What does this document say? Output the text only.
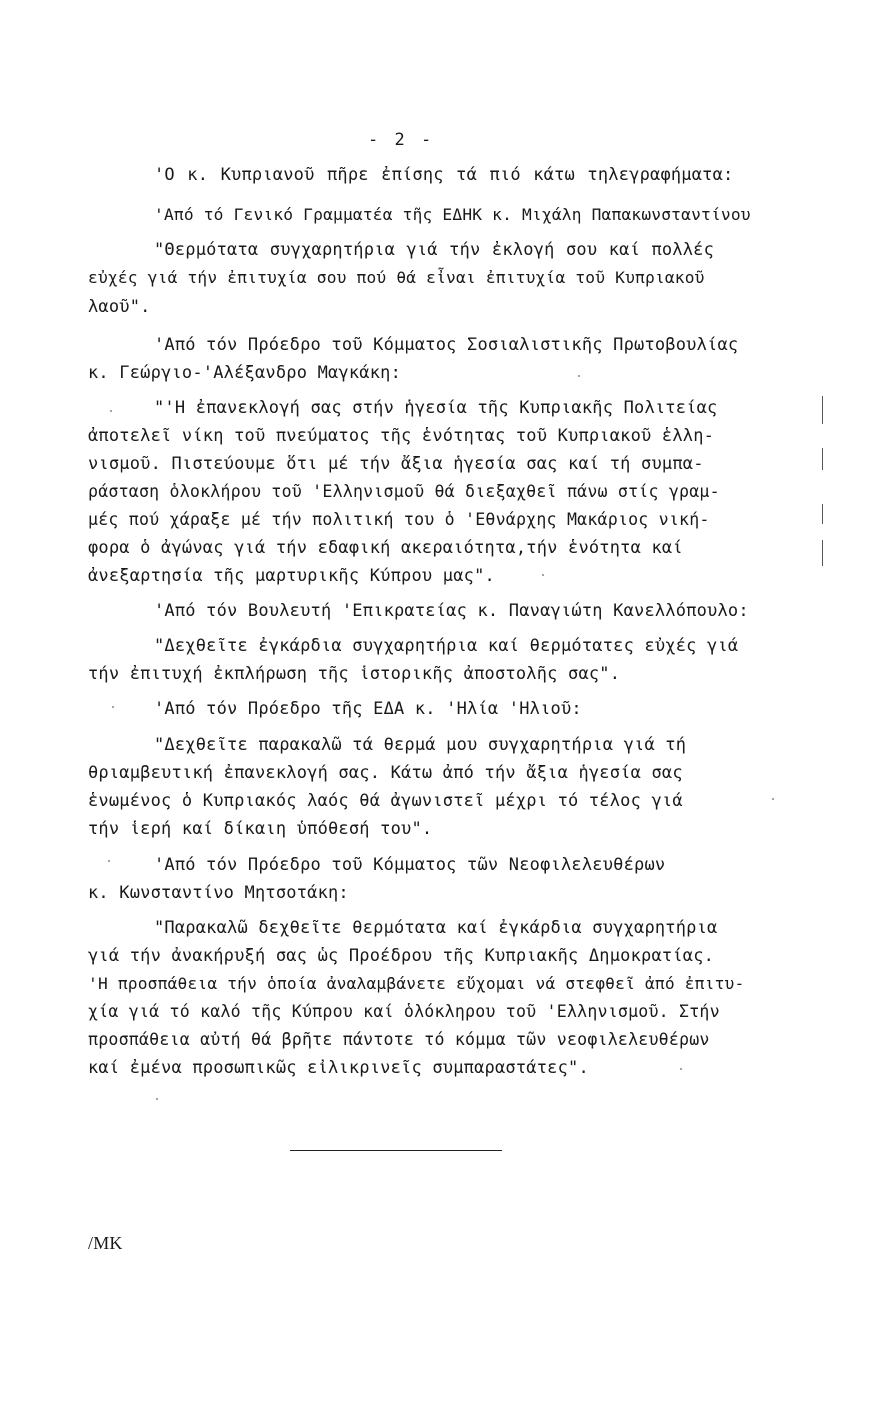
- 2 -
'Ο κ. Κυπριανοῦ πῆρε ἐπίσης τά πιό κάτω τηλεγραφήματα:
'Από τό Γενικό Γραμματέα τῆς ΕΔΗΚ κ. Μιχάλη Παπακωνσταντίνου
"Θερμότατα συγχαρητήρια γιά τήν ἐκλογή σου καί πολλές
εὐχές γιά τήν ἐπιτυχία σου πού θά εἶναι ἐπιτυχία τοῦ Κυπριακοῦ
λαοῦ".
'Από τόν Πρόεδρο τοῦ Κόμματος Σοσιαλιστικῆς Πρωτοβουλίας
κ. Γεώργιο-'Αλέξανδρο Μαγκάκη:
"'Η ἐπανεκλογή σας στήν ἡγεσία τῆς Κυπριακῆς Πολιτείας
ἀποτελεῖ νίκη τοῦ πνεύματος τῆς ἑνότητας τοῦ Κυπριακοῦ ἑλλη-
νισμοῦ. Πιστεύουμε ὅτι μέ τήν ἄξια ἡγεσία σας καί τή συμπα-
ράσταση ὁλοκλήρου τοῦ 'Ελληνισμοῦ θά διεξαχθεῖ πάνω στίς γραμ-
μές πού χάραξε μέ τήν πολιτική του ὁ 'Εθνάρχης Μακάριος νική-
φορα ὁ ἀγώνας γιά τήν εδαφική ακεραιότητα,τήν ἑνότητα καί
ἀνεξαρτησία τῆς μαρτυρικῆς Κύπρου μας".
'Από τόν Βουλευτή 'Επικρατείας κ. Παναγιώτη Κανελλόπουλο:
"Δεχθεῖτε ἐγκάρδια συγχαρητήρια καί θερμότατες εὐχές γιά
τήν ἐπιτυχή ἐκπλήρωση τῆς ἱστορικῆς ἀποστολῆς σας".
'Από τόν Πρόεδρο τῆς ΕΔΑ κ. 'Ηλία 'Ηλιοῦ:
"Δεχθεῖτε παρακαλῶ τά θερμά μου συγχαρητήρια γιά τή
θριαμβευτική ἐπανεκλογή σας. Κάτω ἀπό τήν ἄξια ἡγεσία σας
ἑνωμένος ὁ Κυπριακός λαός θά ἀγωνιστεῖ μέχρι τό τέλος γιά
τήν ἱερή καί δίκαιη ὑπόθεσή του".
'Από τόν Πρόεδρο τοῦ Κόμματος τῶν Νεοφιλελευθέρων
κ. Κωνσταντίνο Μητσοτάκη:
"Παρακαλῶ δεχθεῖτε θερμότατα καί ἐγκάρδια συγχαρητήρια
γιά τήν ἀνακήρυξή σας ὡς Προέδρου τῆς Κυπριακῆς Δημοκρατίας.
'Η προσπάθεια τήν ὁποία ἀναλαμβάνετε εὔχομαι νά στεφθεῖ ἀπό ἐπιτυ-
χία γιά τό καλό τῆς Κύπρου καί ὁλόκληρου τοῦ 'Ελληνισμοῦ. Στήν
προσπάθεια αὐτή θά βρῆτε πάντοτε τό κόμμα τῶν νεοφιλελευθέρων
καί ἐμένα προσωπικῶς εἰλικρινεῖς συμπαραστάτες".
/ΜΚ
